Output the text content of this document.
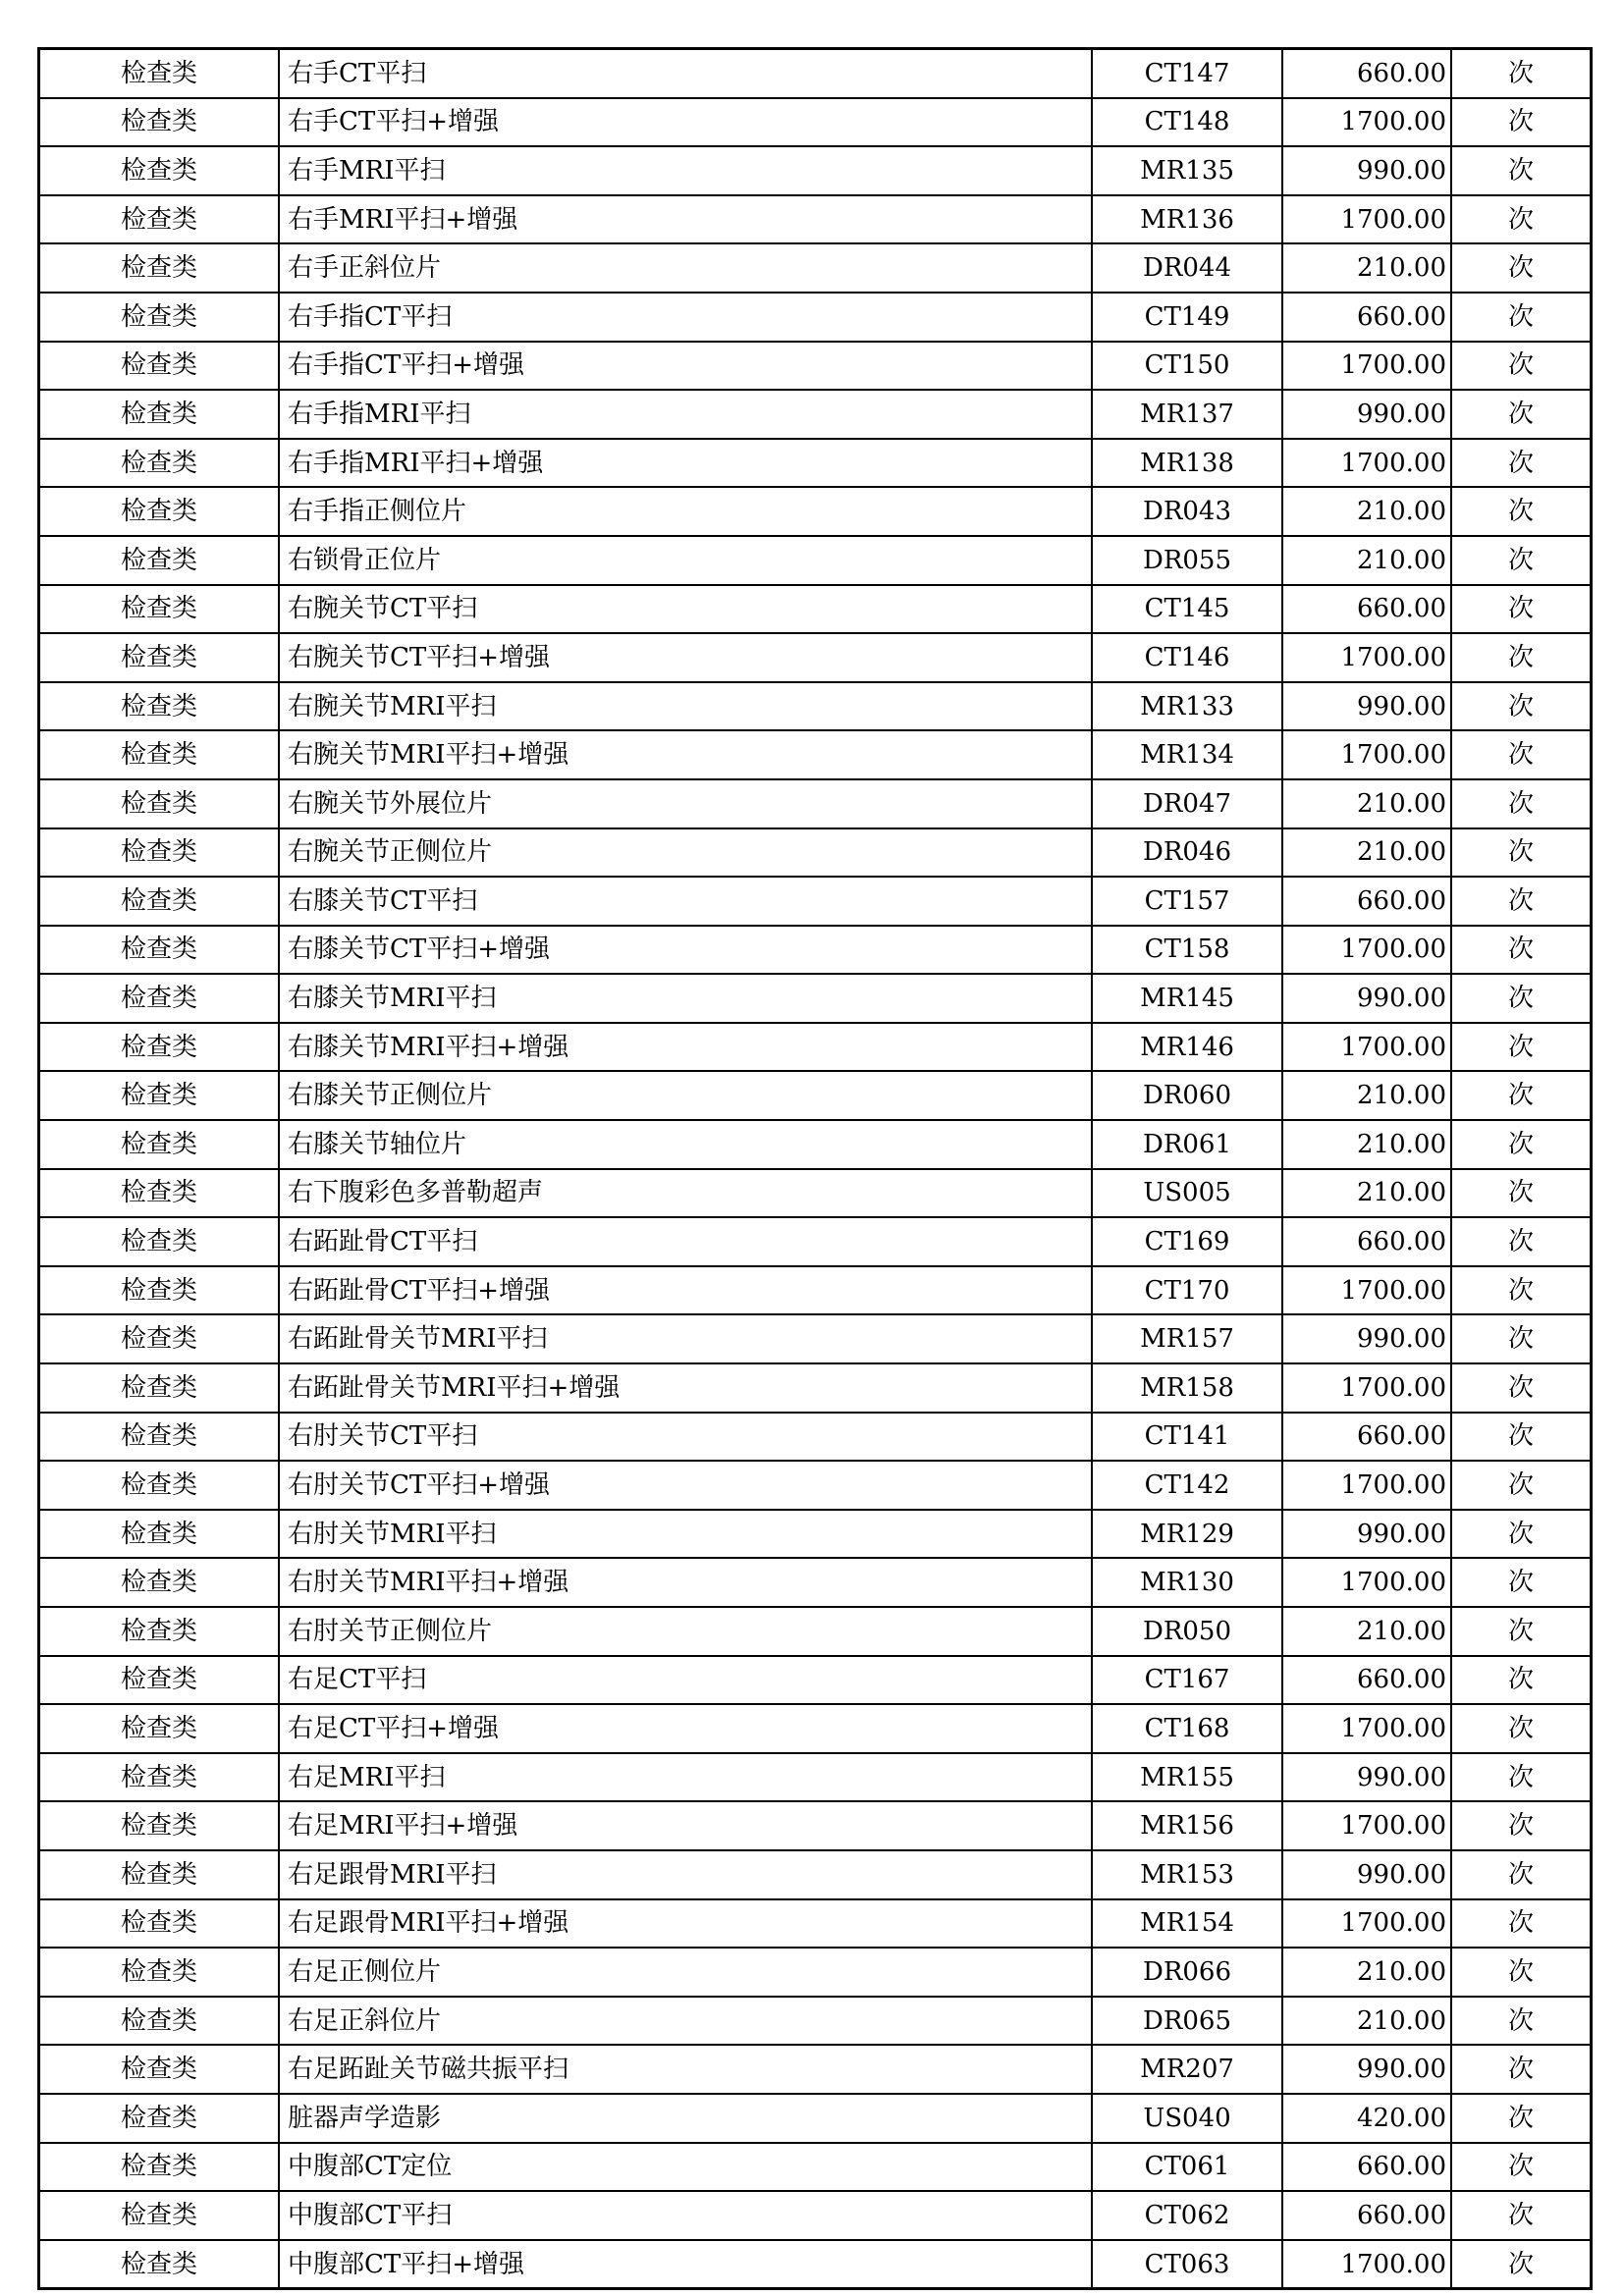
检查类	右手CT平扫	CT147	660.00	次
检查类	右手CT平扫+增强	CT148	1700.00	次
检查类	右手MRI平扫	MR135	990.00	次
检查类	右手MRI平扫+增强	MR136	1700.00	次
检查类	右手正斜位片	DR044	210.00	次
检查类	右手指CT平扫	CT149	660.00	次
检查类	右手指CT平扫+增强	CT150	1700.00	次
检查类	右手指MRI平扫	MR137	990.00	次
检查类	右手指MRI平扫+增强	MR138	1700.00	次
检查类	右手指正侧位片	DR043	210.00	次
检查类	右锁骨正位片	DR055	210.00	次
检查类	右腕关节CT平扫	CT145	660.00	次
检查类	右腕关节CT平扫+增强	CT146	1700.00	次
检查类	右腕关节MRI平扫	MR133	990.00	次
检查类	右腕关节MRI平扫+增强	MR134	1700.00	次
检查类	右腕关节外展位片	DR047	210.00	次
检查类	右腕关节正侧位片	DR046	210.00	次
检查类	右膝关节CT平扫	CT157	660.00	次
检查类	右膝关节CT平扫+增强	CT158	1700.00	次
检查类	右膝关节MRI平扫	MR145	990.00	次
检查类	右膝关节MRI平扫+增强	MR146	1700.00	次
检查类	右膝关节正侧位片	DR060	210.00	次
检查类	右膝关节轴位片	DR061	210.00	次
检查类	右下腹彩色多普勒超声	US005	210.00	次
检查类	右跖趾骨CT平扫	CT169	660.00	次
检查类	右跖趾骨CT平扫+增强	CT170	1700.00	次
检查类	右跖趾骨关节MRI平扫	MR157	990.00	次
检查类	右跖趾骨关节MRI平扫+增强	MR158	1700.00	次
检查类	右肘关节CT平扫	CT141	660.00	次
检查类	右肘关节CT平扫+增强	CT142	1700.00	次
检查类	右肘关节MRI平扫	MR129	990.00	次
检查类	右肘关节MRI平扫+增强	MR130	1700.00	次
检查类	右肘关节正侧位片	DR050	210.00	次
检查类	右足CT平扫	CT167	660.00	次
检查类	右足CT平扫+增强	CT168	1700.00	次
检查类	右足MRI平扫	MR155	990.00	次
检查类	右足MRI平扫+增强	MR156	1700.00	次
检查类	右足跟骨MRI平扫	MR153	990.00	次
检查类	右足跟骨MRI平扫+增强	MR154	1700.00	次
检查类	右足正侧位片	DR066	210.00	次
检查类	右足正斜位片	DR065	210.00	次
检查类	右足跖趾关节磁共振平扫	MR207	990.00	次
检查类	脏器声学造影	US040	420.00	次
检查类	中腹部CT定位	CT061	660.00	次
检查类	中腹部CT平扫	CT062	660.00	次
检查类	中腹部CT平扫+增强	CT063	1700.00	次
